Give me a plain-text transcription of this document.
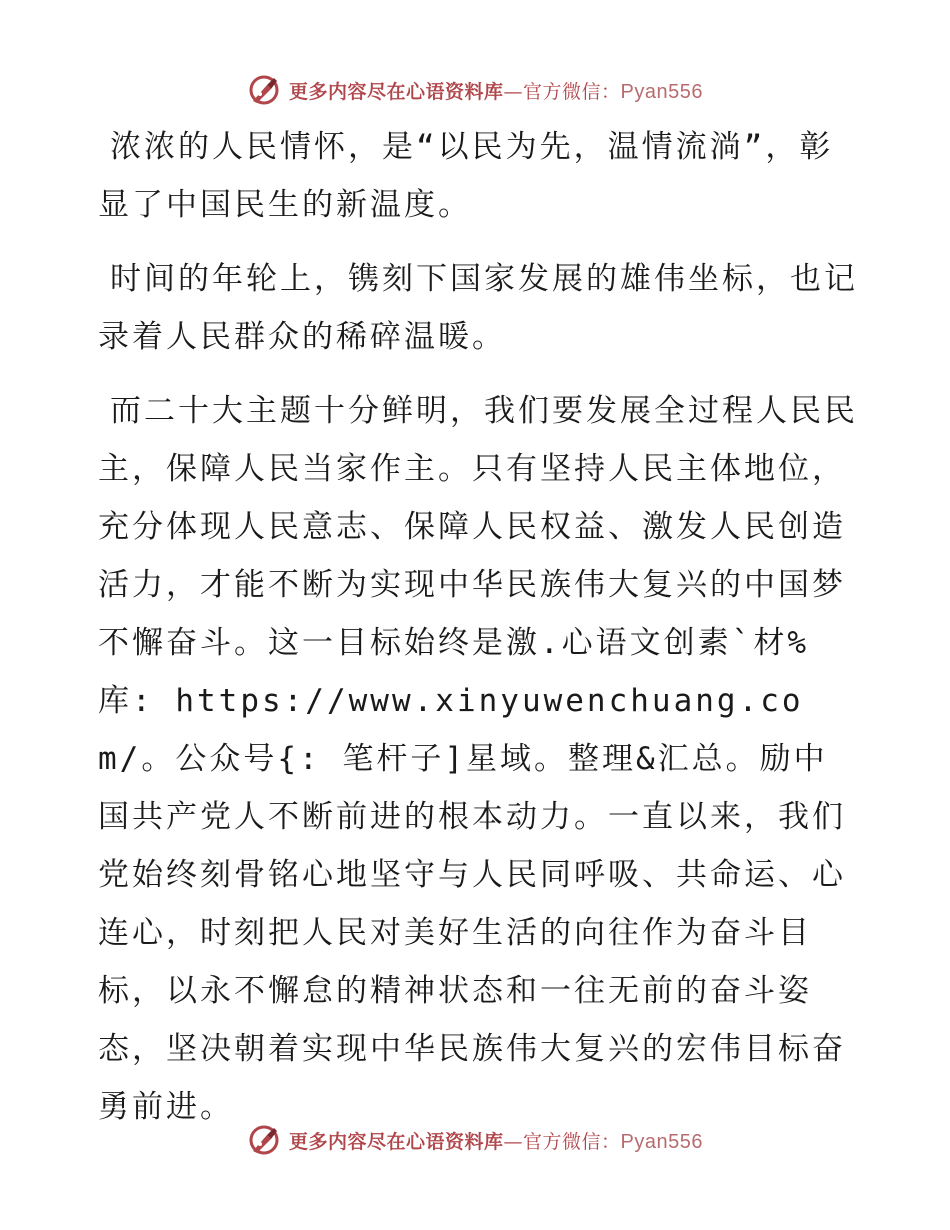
更多内容尽在心语资料库—官方微信：Pyan556

浓浓的人民情怀，是“以民为先，温情流淌”，彰显了中国民生的新温度。

时间的年轮上，镌刻下国家发展的雄伟坐标，也记录着人民群众的稀碎温暖。

而二十大主题十分鲜明，我们要发展全过程人民民主，保障人民当家作主。只有坚持人民主体地位，充分体现人民意志、保障人民权益、激发人民创造活力，才能不断为实现中华民族伟大复兴的中国梦不懈奋斗。这一目标始终是激.心语文创素`材%库: https://www.xinyuwenchuang.com/。公众号{: 笔杆子]星域。整理&汇总。励中国共产党人不断前进的根本动力。一直以来，我们党始终刻骨铭心地坚守与人民同呼吸、共命运、心连心，时刻把人民对美好生活的向往作为奋斗目标，以永不懈怠的精神状态和一往无前的奋斗姿态，坚决朝着实现中华民族伟大复兴的宏伟目标奋勇前进。

更多内容尽在心语资料库—官方微信：Pyan556
